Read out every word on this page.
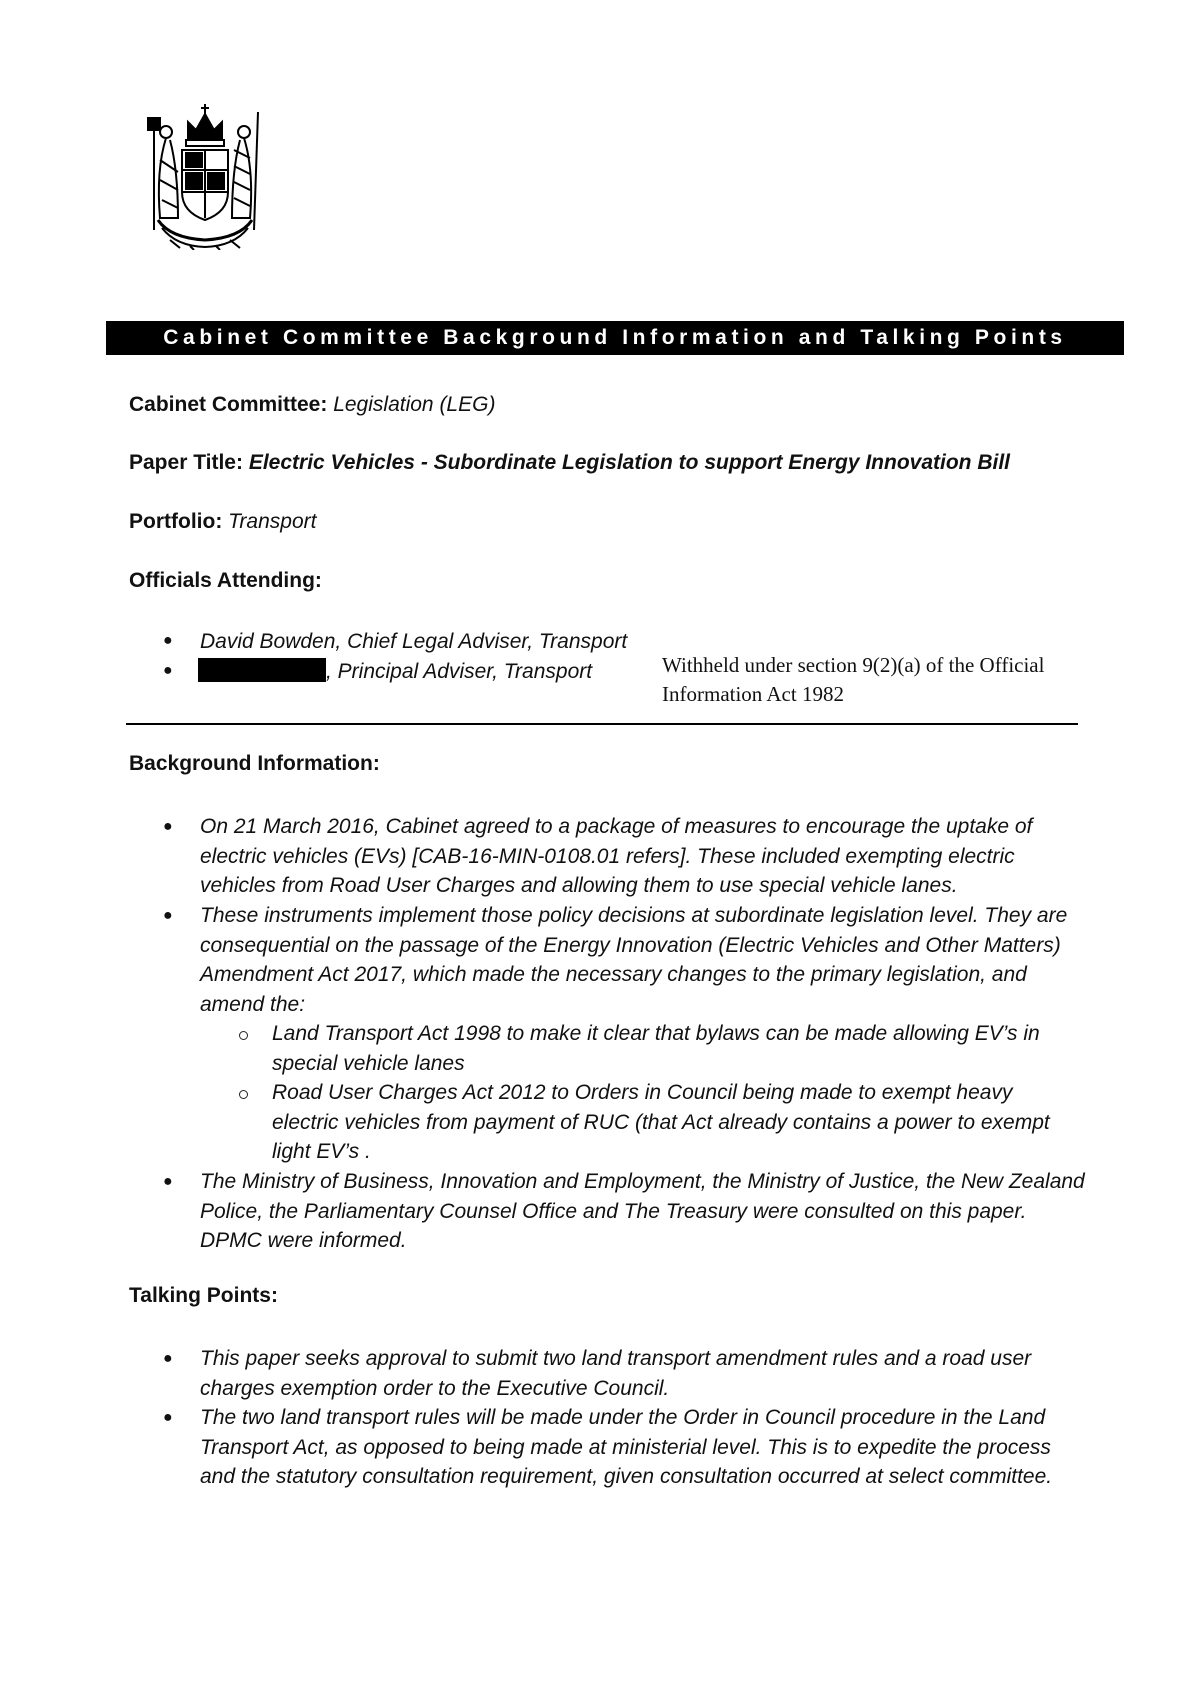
Cabinet Committee Background Information and Talking Points
Cabinet Committee: Legislation (LEG)
Paper Title: Electric Vehicles - Subordinate Legislation to support Energy Innovation Bill
Portfolio: Transport
Officials Attending:
● David Bowden, Chief Legal Adviser, Transport

●	, Principal Adviser, Transport	Withheld under section 9(2)(a) of the Official Information Act 1982
Background Information:
● On 21 March 2016, Cabinet agreed to a package of measures to encourage the uptake of electric vehicles (EVs) [CAB-16-MIN-0108.01 refers]. These included exempting electric vehicles from Road User Charges and allowing them to use special vehicle lanes.

● These instruments implement those policy decisions at subordinate legislation level. They are consequential on the passage of the Energy Innovation (Electric Vehicles and Other Matters) Amendment Act 2017, which made the necessary changes to the primary legislation, and amend the:

Land Transport Act 1998 to make it clear that bylaws can be made allowing EV’s in special vehicle lanes

Road User Charges Act 2012 to Orders in Council being made to exempt heavy electric vehicles from payment of RUC (that Act already contains a power to exempt light EV’s .

● The Ministry of Business, Innovation and Employment, the Ministry of Justice, the New Zealand Police, the Parliamentary Counsel Office and The Treasury were consulted on this paper. DPMC were informed.

Talking Points:
● This paper seeks approval to submit two land transport amendment rules and a road user charges exemption order to the Executive Council.

● The two land transport rules will be made under the Order in Council procedure in the Land Transport Act, as opposed to being made at ministerial level. This is to expedite the process and the statutory consultation requirement, given consultation occurred at select committee.
